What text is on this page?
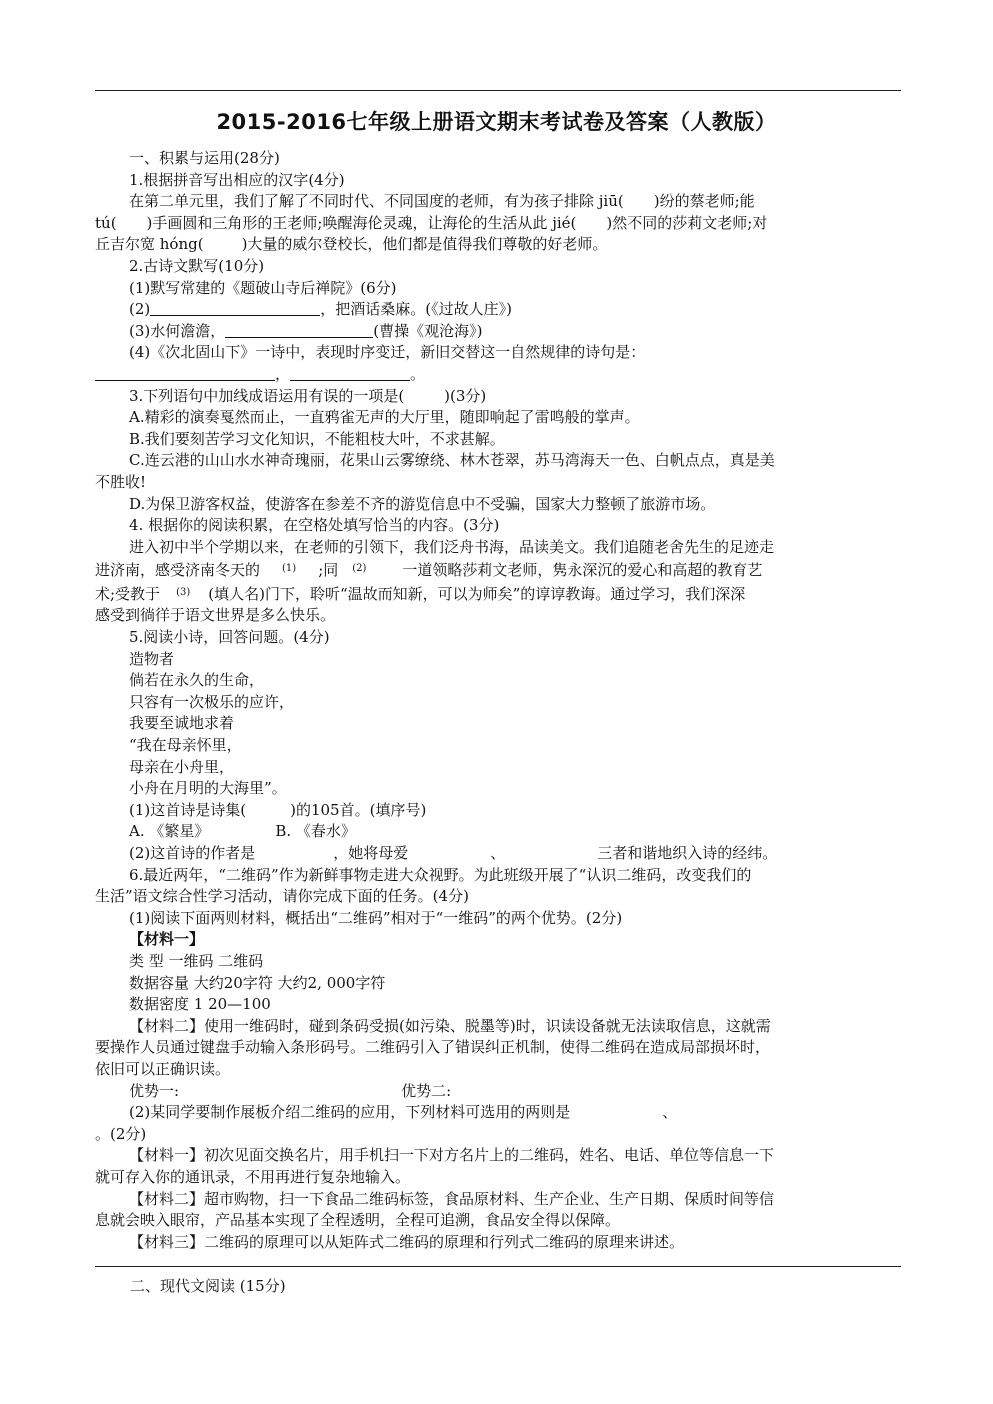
2015-2016七年级上册语文期末考试卷及答案（人教版）
一、积累与运用(28分)
1.根据拼音写出相应的汉字(4分)
在第二单元里，我们了解了不同时代、不同国度的老师，有为孩子排除 jiū( )纷的蔡老师;能
tú( )手画圆和三角形的王老师;唤醒海伦灵魂，让海伦的生活从此 jié( )然不同的莎莉文老师;对
丘吉尔宽 hóng(	)大量的威尔登校长，他们都是值得我们尊敬的好老师。
2.古诗文默写(10分)
(1)默写常建的《题破山寺后禅院》(6分)
(2)	，把酒话桑麻。(《过故人庄》)
(3)水何澹澹，	(曹操《观沧海》)
(4)《次北固山下》一诗中，表现时序变迁，新旧交替这一自然规律的诗句是：
，	。
3.下列语句中加线成语运用有误的一项是(	)(3分)
A.精彩的演奏戛然而止，一直鸦雀无声的大厅里，随即响起了雷鸣般的掌声。
B.我们要刻苦学习文化知识，不能粗枝大叶，不求甚解。
C.连云港的山山水水神奇瑰丽，花果山云雾缭绕、林木苍翠，苏马湾海天一色、白帆点点，真是美
不胜收!
D.为保卫游客权益，使游客在参差不齐的游览信息中不受骗，国家大力整顿了旅游市场。
4. 根据你的阅读积累，在空格处填写恰当的内容。(3分)
进入初中半个学期以来，在老师的引领下，我们泛舟书海，品读美文。我们追随老舍先生的足迹走
进济南，感受济南冬天的 $^{(1)}$ ;同 $^{(2)}$ 一道领略莎莉文老师，隽永深沉的爱心和高超的教育艺
术;受教于 $^{(3)}$ (填人名)门下，聆听“温故而知新，可以为师矣”的谆谆教诲。通过学习，我们深深
感受到徜徉于语文世界是多么快乐。
5.阅读小诗，回答问题。(4分)
造物者
倘若在永久的生命，
只容有一次极乐的应许，
我要至诚地求着
“我在母亲怀里，
母亲在小舟里，
小舟在月明的大海里”。
(1)这首诗是诗集(	)的105首。(填序号)
A. 《繁星》	B. 《春水》
(2)这首诗的作者是	，她将母爱	、	三者和谐地织入诗的经纬。
6.最近两年，“二维码”作为新鲜事物走进大众视野。为此班级开展了“认识二维码，改变我们的
生活”语文综合性学习活动，请你完成下面的任务。(4分)
(1)阅读下面两则材料，概括出“二维码”相对于“一维码”的两个优势。(2分)
【材料一】
类 型 一维码 二维码
数据容量 大约20字符 大约2, 000字符
数据密度 1 20—100
【材料二】使用一维码时，碰到条码受损(如污染、脱墨等)时，识读设备就无法读取信息，这就需
要操作人员通过键盘手动输入条形码号。二维码引入了错误纠正机制，使得二维码在造成局部损坏时，
依旧可以正确识读。
优势一:	优势二:
(2)某同学要制作展板介绍二维码的应用，下列材料可选用的两则是	、
。(2分)
【材料一】初次见面交换名片，用手机扫一下对方名片上的二维码，姓名、电话、单位等信息一下
就可存入你的通讯录，不用再进行复杂地输入。
【材料二】超市购物，扫一下食品二维码标签，食品原材料、生产企业、生产日期、保质时间等信
息就会映入眼帘，产品基本实现了全程透明，全程可追溯，食品安全得以保障。
【材料三】二维码的原理可以从矩阵式二维码的原理和行列式二维码的原理来讲述。
二、现代文阅读 (15分)
